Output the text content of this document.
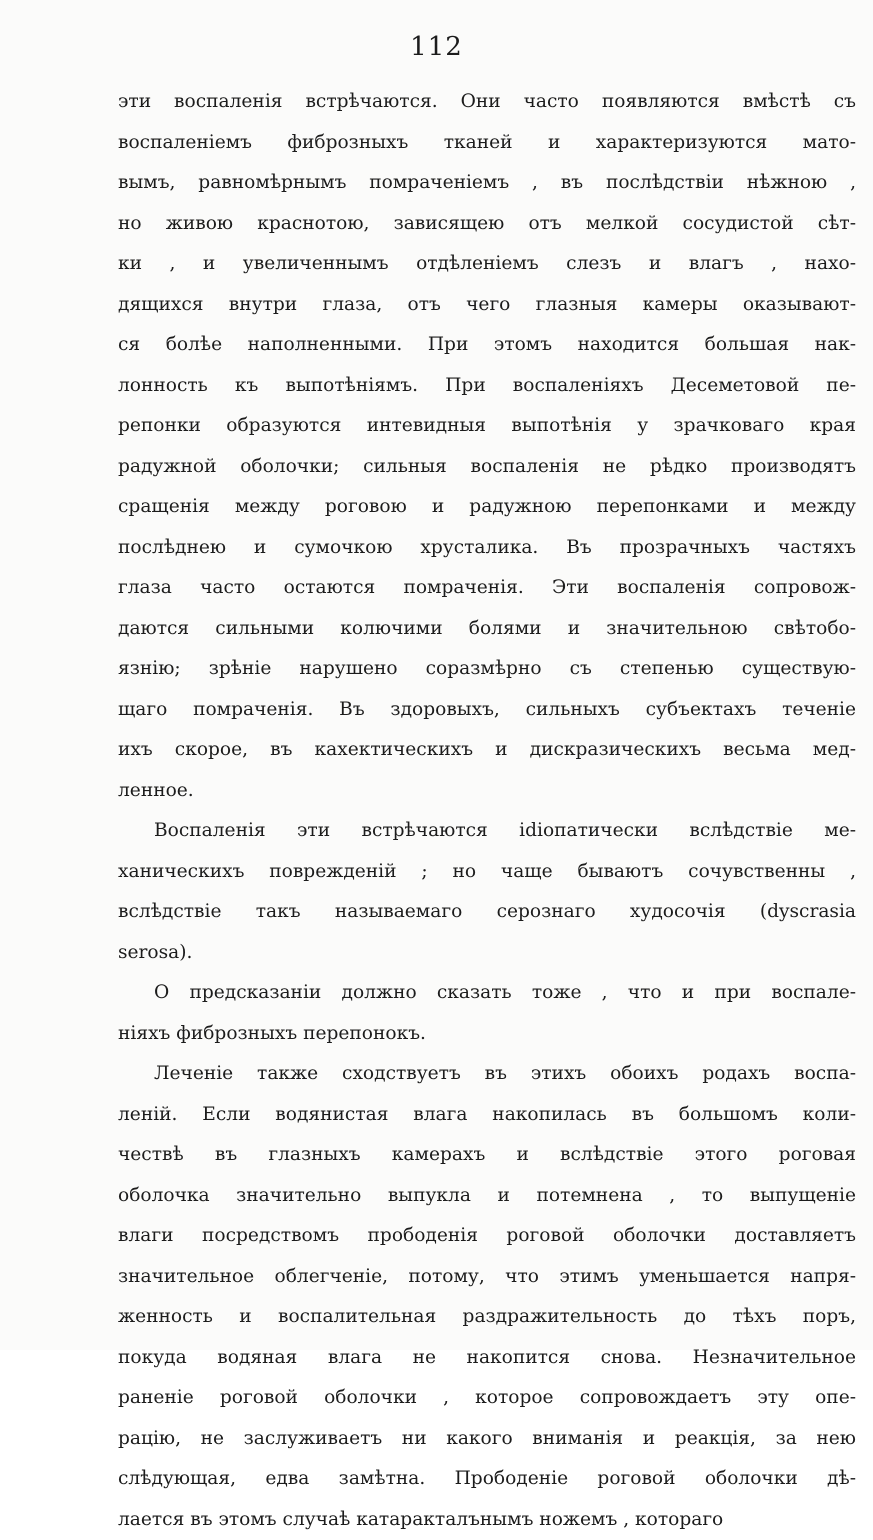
112
эти воспаленія встрѣчаются. Они часто появляются вмѣстѣ съ
воспаленіемъ фиброзныхъ тканей и характеризуются мато-
вымъ, равномѣрнымъ помраченіемъ , въ послѣдствіи нѣжною ,
но живою краснотою, зависящею отъ мелкой сосудистой сѣт-
ки , и увеличеннымъ отдѣленіемъ слезъ и влагъ , нахо-
дящихся внутри глаза, отъ чего глазныя камеры оказывают-
ся болѣе наполненными. При этомъ находится большая нак-
лонность къ выпотѣніямъ. При воспаленіяхъ Десеметовой пе-
репонки образуются интевидныя выпотѣнія у зрачковаго края
радужной оболочки; сильныя воспаленія не рѣдко производятъ
сращенія между роговою и радужною перепонками и между
послѣднею и сумочкою хрусталика. Въ прозрачныхъ частяхъ
глаза часто остаются помраченія. Эти воспаленія сопровож-
даются сильными колючими болями и значительною свѣтобо-
язнію; зрѣніе нарушено соразмѣрно съ степенью существую-
щаго помраченія. Въ здоровыхъ, сильныхъ субъектахъ теченіе
ихъ скорое, въ кахектическихъ и дискразическихъ весьма мед-
ленное.
Воспаленія эти встрѣчаются idіопатически вслѣдствіе ме-
ханическихъ поврежденій ; но чаще бываютъ сочувственны ,
вслѣдствіе такъ называемаго серознаго худосочія (dyscrasia
serosa).
О предсказаніи должно сказать тоже , что и при воспале-
ніяхъ фиброзныхъ перепонокъ.
Леченіе также сходствуетъ въ этихъ обоихъ родахъ воспа-
леній. Если водянистая влага накопилась въ большомъ коли-
чествѣ въ глазныхъ камерахъ и вслѣдствіе этого роговая
оболочка значительно выпукла и потемнена , то выпущеніе
влаги посредствомъ прободенія роговой оболочки доставляетъ
значительное облегченіе, потому, что этимъ уменьшается напря-
женность и воспалительная раздражительность до тѣхъ поръ,
покуда водяная влага не накопится снова. Незначительное
раненіе роговой оболочки , которое сопровождаетъ эту опе-
рацію, не заслуживаетъ ни какого вниманія и реакція, за нею
слѣдующая, едва замѣтна. Прободеніе роговой оболочки дѣ-
лается въ этомъ случаѣ катаракталънымъ ножемъ , котораго
